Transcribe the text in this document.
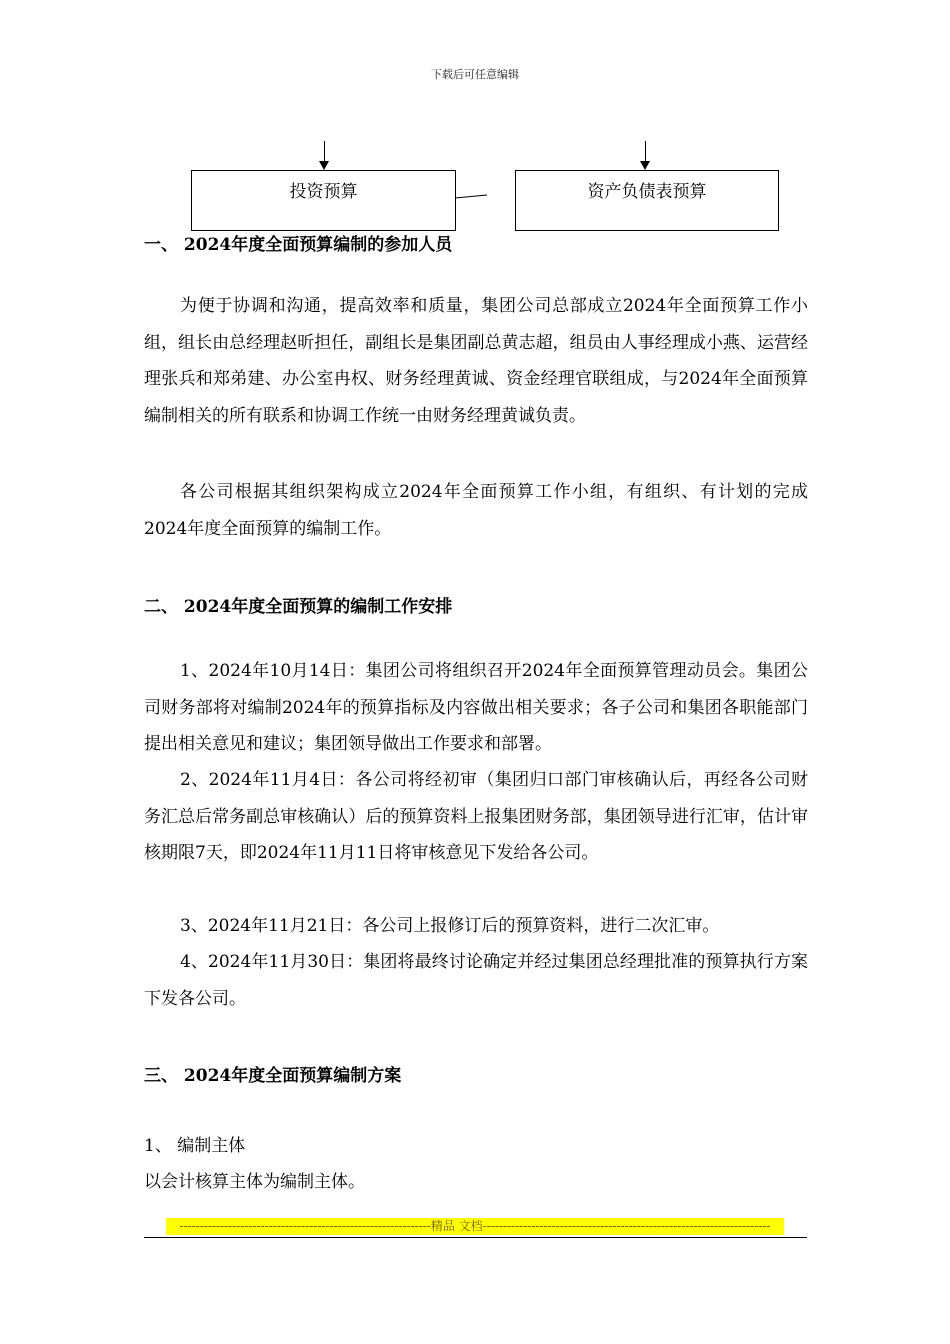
下载后可任意编辑
投资预算	资产负债表预算
一、 2024年度全面预算编制的参加人员
为便于协调和沟通，提高效率和质量，集团公司总部成立2024年全面预算工作小组，组长由总经理赵昕担任，副组长是集团副总黄志超，组员由人事经理成小燕、运营经理张兵和郑弟建、办公室冉权、财务经理黄诚、资金经理官联组成，与2024年全面预算编制相关的所有联系和协调工作统一由财务经理黄诚负责。
各公司根据其组织架构成立2024年全面预算工作小组，有组织、有计划的完成2024年度全面预算的编制工作。
二、 2024年度全面预算的编制工作安排
1、2024年10月14日：集团公司将组织召开2024年全面预算管理动员会。集团公司财务部将对编制2024年的预算指标及内容做出相关要求；各子公司和集团各职能部门提出相关意见和建议；集团领导做出工作要求和部署。
2、2024年11月4日：各公司将经初审（集团归口部门审核确认后，再经各公司财务汇总后常务副总审核确认）后的预算资料上报集团财务部，集团领导进行汇审，估计审核期限7天，即2024年11月11日将审核意见下发给各公司。
3、2024年11月21日：各公司上报修订后的预算资料，进行二次汇审。
4、2024年11月30日：集团将最终讨论确定并经过集团总经理批准的预算执行方案下发各公司。
三、 2024年度全面预算编制方案
1、 编制主体
以会计核算主体为编制主体。
--------------------------------------------------------------精品 文档-----------------------------------------------------------------------
